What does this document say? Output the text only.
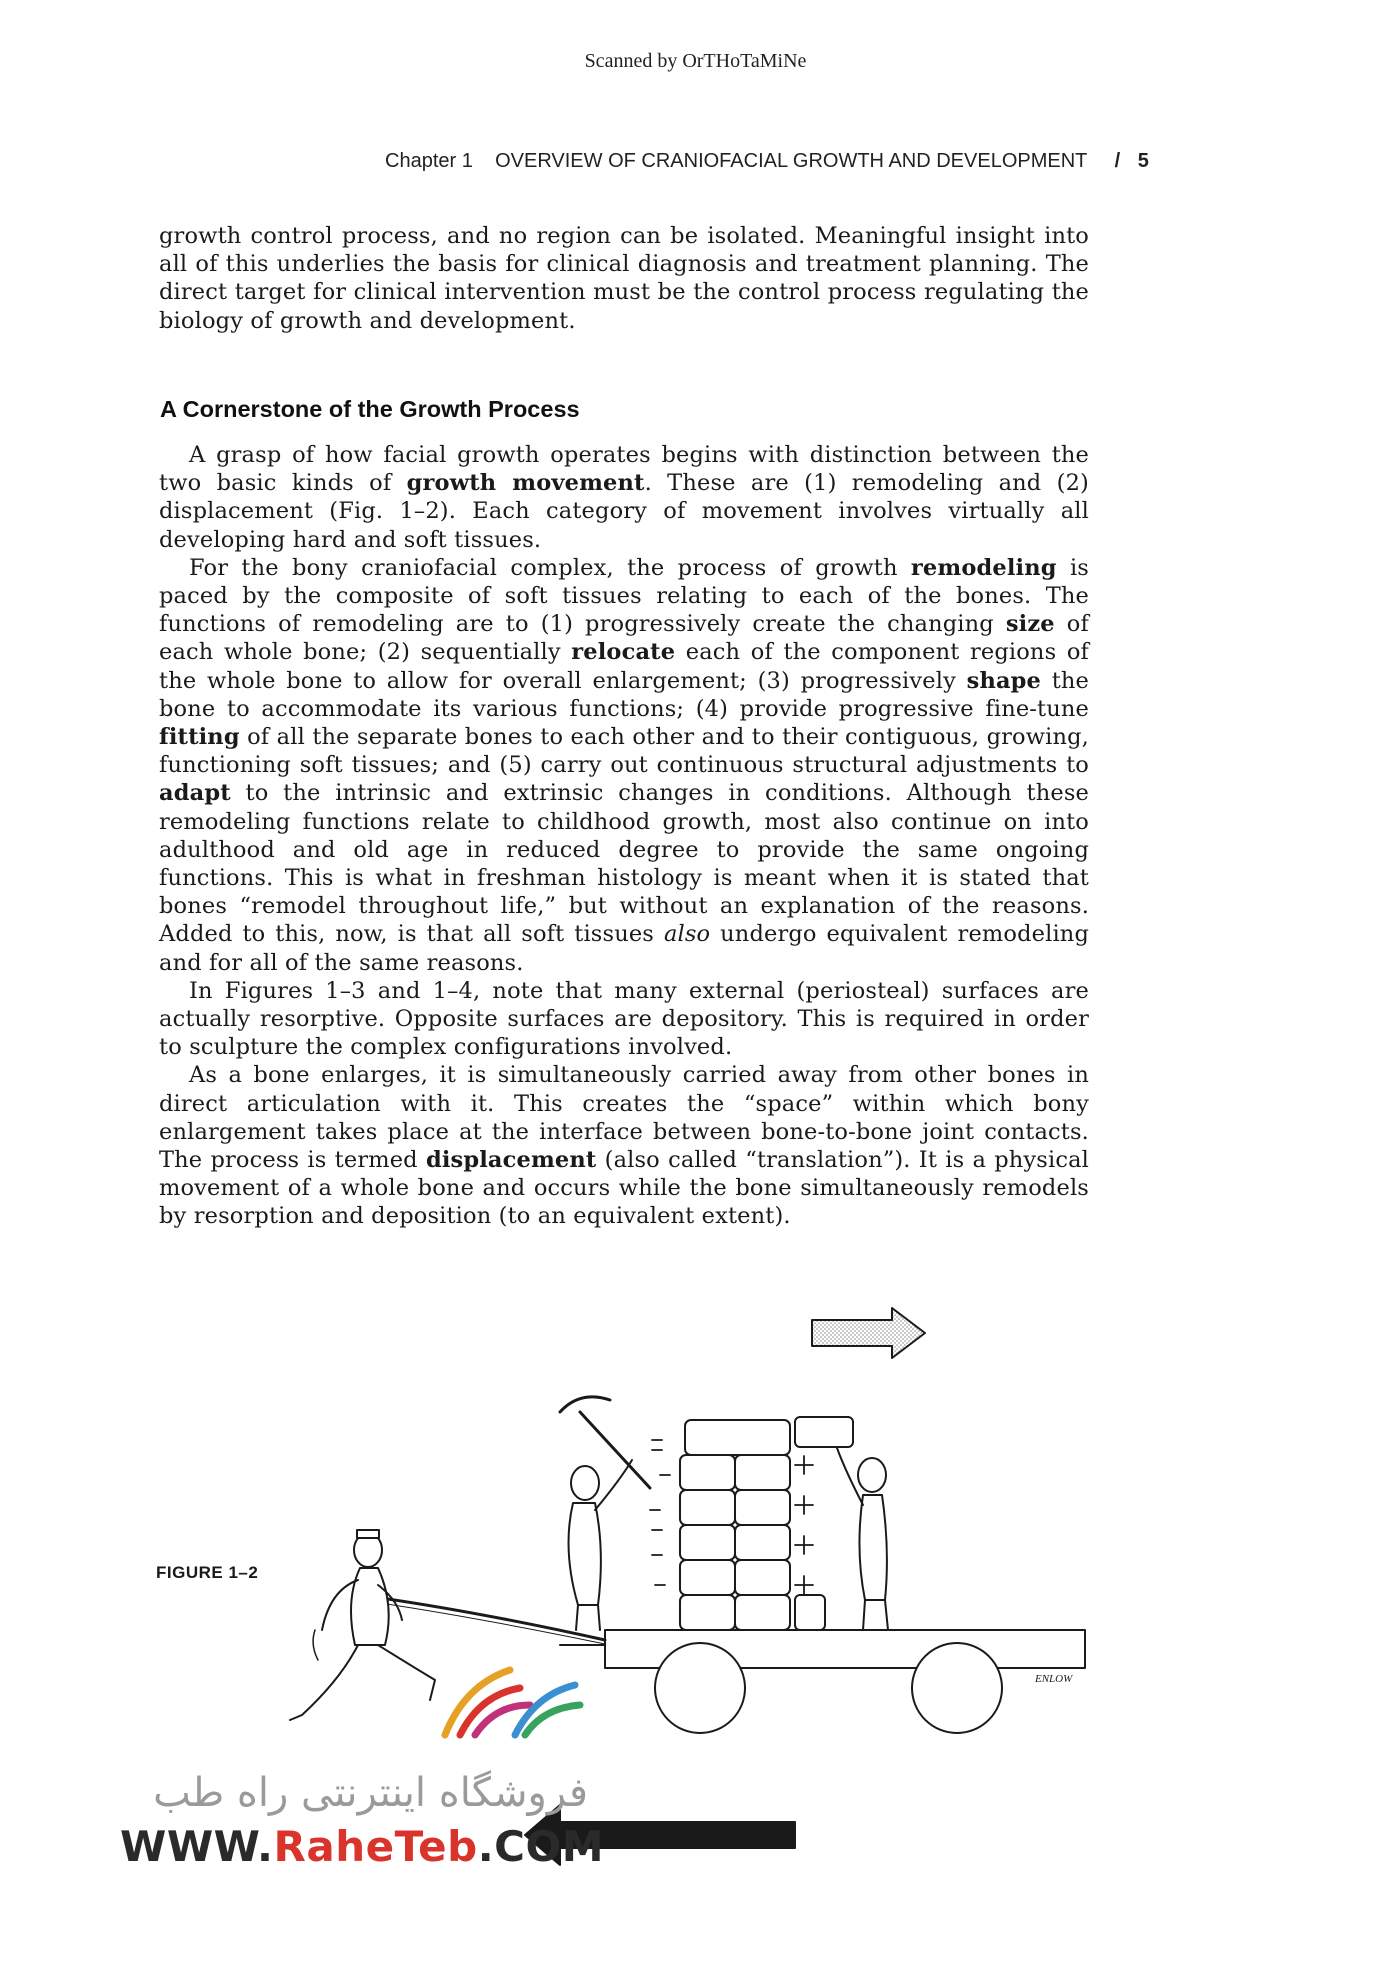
Scanned by OrTHoTaMiNe
Chapter 1 OVERVIEW OF CRANIOFACIAL GROWTH AND DEVELOPMENT / 5

growth control process, and no region can be isolated. Meaningful insight into all of this underlies the basis for clinical diagnosis and treatment planning. The direct target for clinical intervention must be the control process regulating the biology of growth and development.

A Cornerstone of the Growth Process

A grasp of how facial growth operates begins with distinction between the two basic kinds of growth movement. These are (1) remodeling and (2) displacement (Fig. 1–2). Each category of movement involves virtually all developing hard and soft tissues.

For the bony craniofacial complex, the process of growth remodeling is paced by the composite of soft tissues relating to each of the bones. The functions of remodeling are to (1) progressively create the changing size of each whole bone; (2) sequentially relocate each of the component regions of the whole bone to allow for overall enlargement; (3) progressively shape the bone to accommodate its various functions; (4) provide progressive fine-tune fitting of all the separate bones to each other and to their contiguous, growing, functioning soft tissues; and (5) carry out continuous structural adjustments to adapt to the intrinsic and extrinsic changes in conditions. Although these remodeling functions relate to childhood growth, most also continue on into adulthood and old age in reduced degree to provide the same ongoing functions. This is what in freshman histology is meant when it is stated that bones “remodel throughout life,” but without an explanation of the reasons. Added to this, now, is that all soft tissues also undergo equivalent remodeling and for all of the same reasons.

In Figures 1–3 and 1–4, note that many external (periosteal) surfaces are actually resorptive. Opposite surfaces are depository. This is required in order to sculpture the complex configurations involved.

As a bone enlarges, it is simultaneously carried away from other bones in direct articulation with it. This creates the “space” within which bony enlargement takes place at the interface between bone-to-bone joint contacts. The process is termed displacement (also called “translation”). It is a physical movement of a whole bone and occurs while the bone simultaneously remodels by resorption and deposition (to an equivalent extent).

FIGURE 1–2
ENLOW
فروشگاه اینترنتی راه طب
WWW.RaheTeb.COM
